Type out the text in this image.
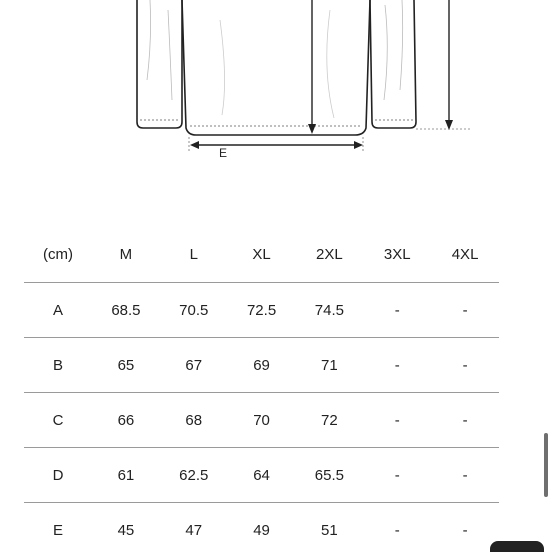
E
(cm)	M	L	XL	2XL	3XL	4XL
A	68.5	70.5	72.5	74.5	-	-
B	65	67	69	71	-	-
C	66	68	70	72	-	-
D	61	62.5	64	65.5	-	-
E	45	47	49	51	-	-
